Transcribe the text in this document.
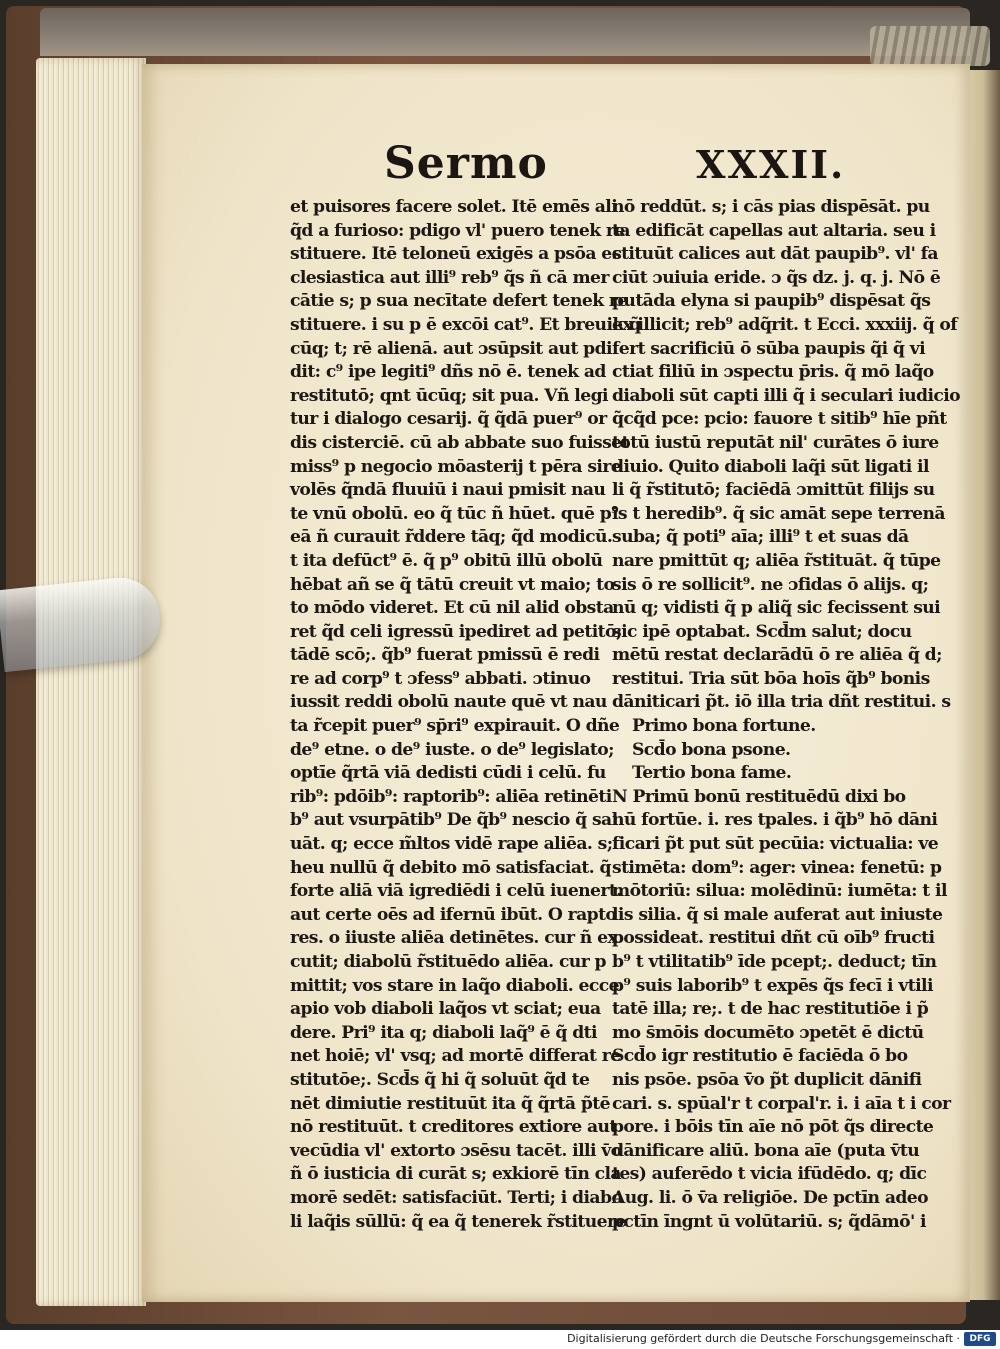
Sermo	XXXII.
et puisores facere solet. Itē emēs ali
q̃d a furioso: pdigo vl' puero tenek re
stituere. Itē teloneū exigēs a psōa ec
clesiastica aut illi⁹ reb⁹ q̃s ñ cā mer
cātie s; p sua necītate defert tenek re
stituere. i su p ē excōi cat⁹. Et breuik q̃
cūq; t; rē alienā. aut ɔsūpsit aut pdi
dit: c⁹ ipe legiti⁹ dñs nō ē. tenek ad
restitutō; qnt ūcūq; sit pua. Vñ legi
tur i dialogo cesarij. q̃ q̃dā puer⁹ or
dis cisterciē. cū ab abbate suo fuisset
miss⁹ p negocio mōasterij t pēra sire
volēs q̃ndā fluuiū i naui pmisit nau
te vnū obolū. eo q̃ tūc ñ hūet. quē p⁹
eā ñ curauit r̃ddere tāq; q̃d modicū.
t ita defūct⁹ ē. q̃ p⁹ obitū illū obolū
hēbat añ se q̃ tātū creuit vt maio; to
to mōdo videret. Et cū nil alid obsta
ret q̃d celi igressū ipediret ad petitō;
tādē scō;. q̃b⁹ fuerat pmissū ē redi
re ad corp⁹ t ɔfess⁹ abbati. ɔtinuo
iussit reddi obolū naute quē vt nau
ta r̃cepit puer⁹ sp̄ri⁹ expirauit. O dñe
de⁹ etne. o de⁹ iuste. o de⁹ legislato;
optīe q̃rtā viā dedisti cūdi i celū. fu
rib⁹: pdōib⁹: raptorib⁹: aliēa retinēti
b⁹ aut vsurpātib⁹ De q̃b⁹ nescio q̃ sal
uāt. q; ecce m̃ltos vidē rape aliēa. s;
heu nullū q̃ debito mō satisfaciat. q̃
forte aliā viā igrediēdi i celū iuenert.
aut certe oēs ad ifernū ibūt. O rapto
res. o iiuste aliēa detinētes. cur ñ ex
cutit; diabolū r̃stituēdo aliēa. cur p
mittit; vos stare in laq̃o diaboli. ecce
apio vob diaboli laq̃os vt sciat; eua
dere. Pri⁹ ita q; diaboli laq̃⁹ ē q̃ dti
net hoiē; vl' vsq; ad mortē differat re
stitutōe;. Scd̄s q̃ hi q̃ soluūt q̃d te
nēt dimiutie restituūt ita q̃ q̃rtā p̃tē
nō restituūt. t creditores extiore aut
vecūdia vl' extorto ɔsēsu tacēt. illi v̄o
ñ ō iusticia di curāt s; exkiorē tīn cla
morē sedēt: satisfaciūt. Terti; i diabo
li laq̃is sūllū: q̃ ea q̃ tenerek r̃stituere
nō reddūt. s; i cās pias dispēsāt. pu
ta edificāt capellas aut altaria. seu i
stituūt calices aut dāt paupib⁹. vl' fa
ciūt ɔuiuia eride. ɔ q̃s dz. j. q. j. Nō ē
putāda elyna si paupib⁹ dispēsat q̃s
ex illicit; reb⁹ adq̃rit. t Ecci. xxxiij. q̃ of
fert sacrificiū ō sūba paupis q̃i q̃ vi
ctiat filiū in ɔspectu p̄ris. q̃ mō laq̃o
diaboli sūt capti illi q̃ i seculari iudicio
q̃cq̃d pce: pcio: fauore t sitib⁹ hīe pñt
totū iustū reputāt nil' curātes ō iure
diuio. Quito diaboli laq̃i sūt ligati il
li q̃ r̃stitutō; faciēdā ɔmittūt filijs su
is t heredib⁹. q̃ sic amāt sepe terrenā
suba; q̃ poti⁹ aīa; illi⁹ t et suas dā
nare pmittūt q; aliēa r̃stituāt. q̃ tūpe
sis ō re sollicit⁹. ne ɔfidas ō alijs. q;
nū q; vidisti q̃ p aliq̃ sic fecissent sui
sic ipē optabat. Scd̄m salut; docu
mētū restat declarādū ō re aliēa q̃ d;
restitui. Tria sūt bōa hoīs q̃b⁹ bonis
dāniticari p̃t. iō illa tria dñt restitui. s
Primo bona fortune.
Scd̄o bona psone.
Tertio bona fame.
N Primū bonū restituēdū dixi bo
nū fortūe. i. res tpales. i q̃b⁹ hō dāni
ficari p̃t put sūt pecūia: victualia: ve
stimēta: dom⁹: ager: vinea: fenetū: p
mōtoriū: silua: molēdinū: iumēta: t il
lis silia. q̃ si male auferat aut iniuste
possideat. restitui dñt cū oīb⁹ fructi
b⁹ t vtilitatib⁹ īde pcept;. deduct; tīn
p⁹ suis laborib⁹ t expēs q̃s fecī i vtili
tatē illa; re;. t de hac restitutiōe i p̃
mo s̄mōis documēto ɔpetēt ē dictū
Scd̄o igr restitutio ē faciēda ō bo
nis psōe. psōa v̄o p̃t duplicit dānifi
cari. s. spūal'r t corpal'r. i. i aīa t i cor
pore. i bōis tīn aīe nō pōt q̃s directe
dānificare aliū. bona aīe (puta v̄tu
tes) auferēdo t vicia ifūdēdo. q; dīc
Aug. li. ō v̄a religiōe. De pctīn adeo
pctīn īngnt ū volūtariū. s; q̃dāmō' i
Digitalisierung gefördert durch die Deutsche Forschungsgemeinschaft ·	DFG
